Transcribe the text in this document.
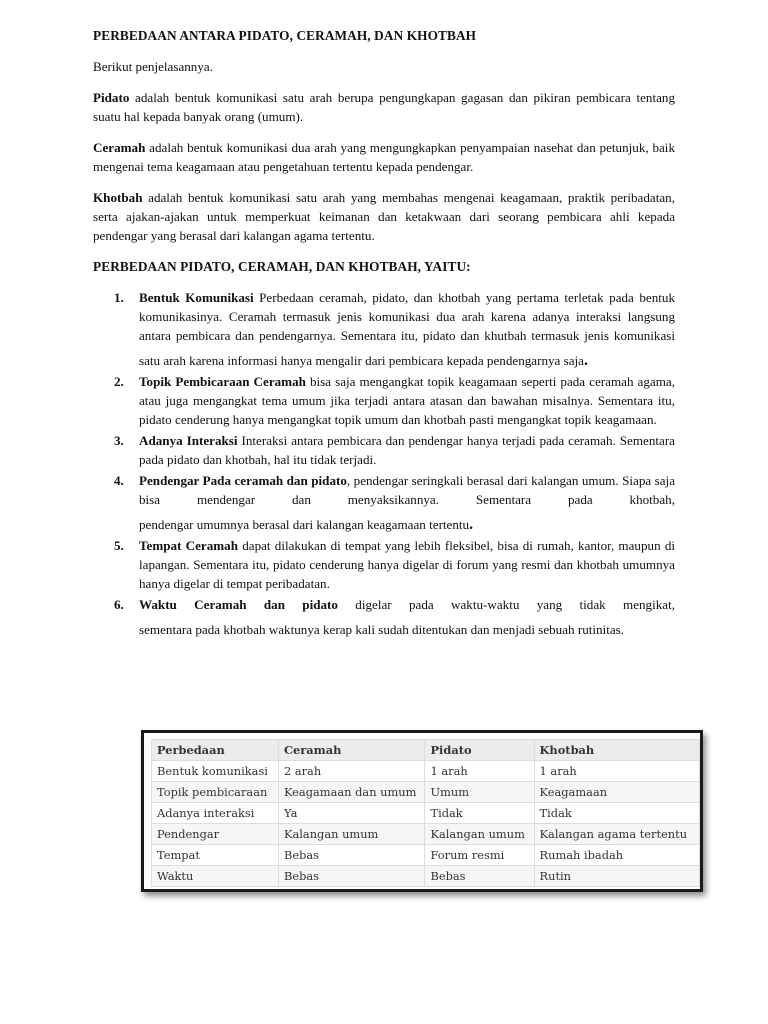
PERBEDAAN ANTARA PIDATO, CERAMAH, DAN KHOTBAH
Berikut penjelasannya.
Pidato adalah bentuk komunikasi satu arah berupa pengungkapan gagasan dan pikiran pembicara tentang suatu hal kepada banyak orang (umum).
Ceramah adalah bentuk komunikasi dua arah yang mengungkapkan penyampaian nasehat dan petunjuk, baik mengenai tema keagamaan atau pengetahuan tertentu kepada pendengar.
Khotbah adalah bentuk komunikasi satu arah yang membahas mengenai keagamaan, praktik peribadatan, serta ajakan-ajakan untuk memperkuat keimanan dan ketakwaan dari seorang pembicara ahli kepada pendengar yang berasal dari kalangan agama tertentu.
PERBEDAAN PIDATO, CERAMAH, DAN KHOTBAH, YAITU:
1. Bentuk Komunikasi Perbedaan ceramah, pidato, dan khotbah yang pertama terletak pada bentuk komunikasinya. Ceramah termasuk jenis komunikasi dua arah karena adanya interaksi langsung antara pembicara dan pendengarnya. Sementara itu, pidato dan khutbah termasuk jenis komunikasi satu arah karena informasi hanya mengalir dari pembicara kepada pendengarnya saja.
2. Topik Pembicaraan Ceramah bisa saja mengangkat topik keagamaan seperti pada ceramah agama, atau juga mengangkat tema umum jika terjadi antara atasan dan bawahan misalnya. Sementara itu, pidato cenderung hanya mengangkat topik umum dan khotbah pasti mengangkat topik keagamaan.
3. Adanya Interaksi Interaksi antara pembicara dan pendengar hanya terjadi pada ceramah. Sementara pada pidato dan khotbah, hal itu tidak terjadi.
4. Pendengar Pada ceramah dan pidato, pendengar seringkali berasal dari kalangan umum. Siapa saja bisa mendengar dan menyaksikannya. Sementara pada khotbah, pendengar umumnya berasal dari kalangan keagamaan tertentu.
5. Tempat Ceramah dapat dilakukan di tempat yang lebih fleksibel, bisa di rumah, kantor, maupun di lapangan. Sementara itu, pidato cenderung hanya digelar di forum yang resmi dan khotbah umumnya hanya digelar di tempat peribadatan.
6. Waktu Ceramah dan pidato digelar pada waktu-waktu yang tidak mengikat, sementara pada khotbah waktunya kerap kali sudah ditentukan dan menjadi sebuah rutinitas.
Perbedaan	Ceramah	Pidato	Khotbah
Bentuk komunikasi	2 arah	1 arah	1 arah
Topik pembicaraan	Keagamaan dan umum	Umum	Keagamaan
Adanya interaksi	Ya	Tidak	Tidak
Pendengar	Kalangan umum	Kalangan umum	Kalangan agama tertentu
Tempat	Bebas	Forum resmi	Rumah ibadah
Waktu	Bebas	Bebas	Rutin
